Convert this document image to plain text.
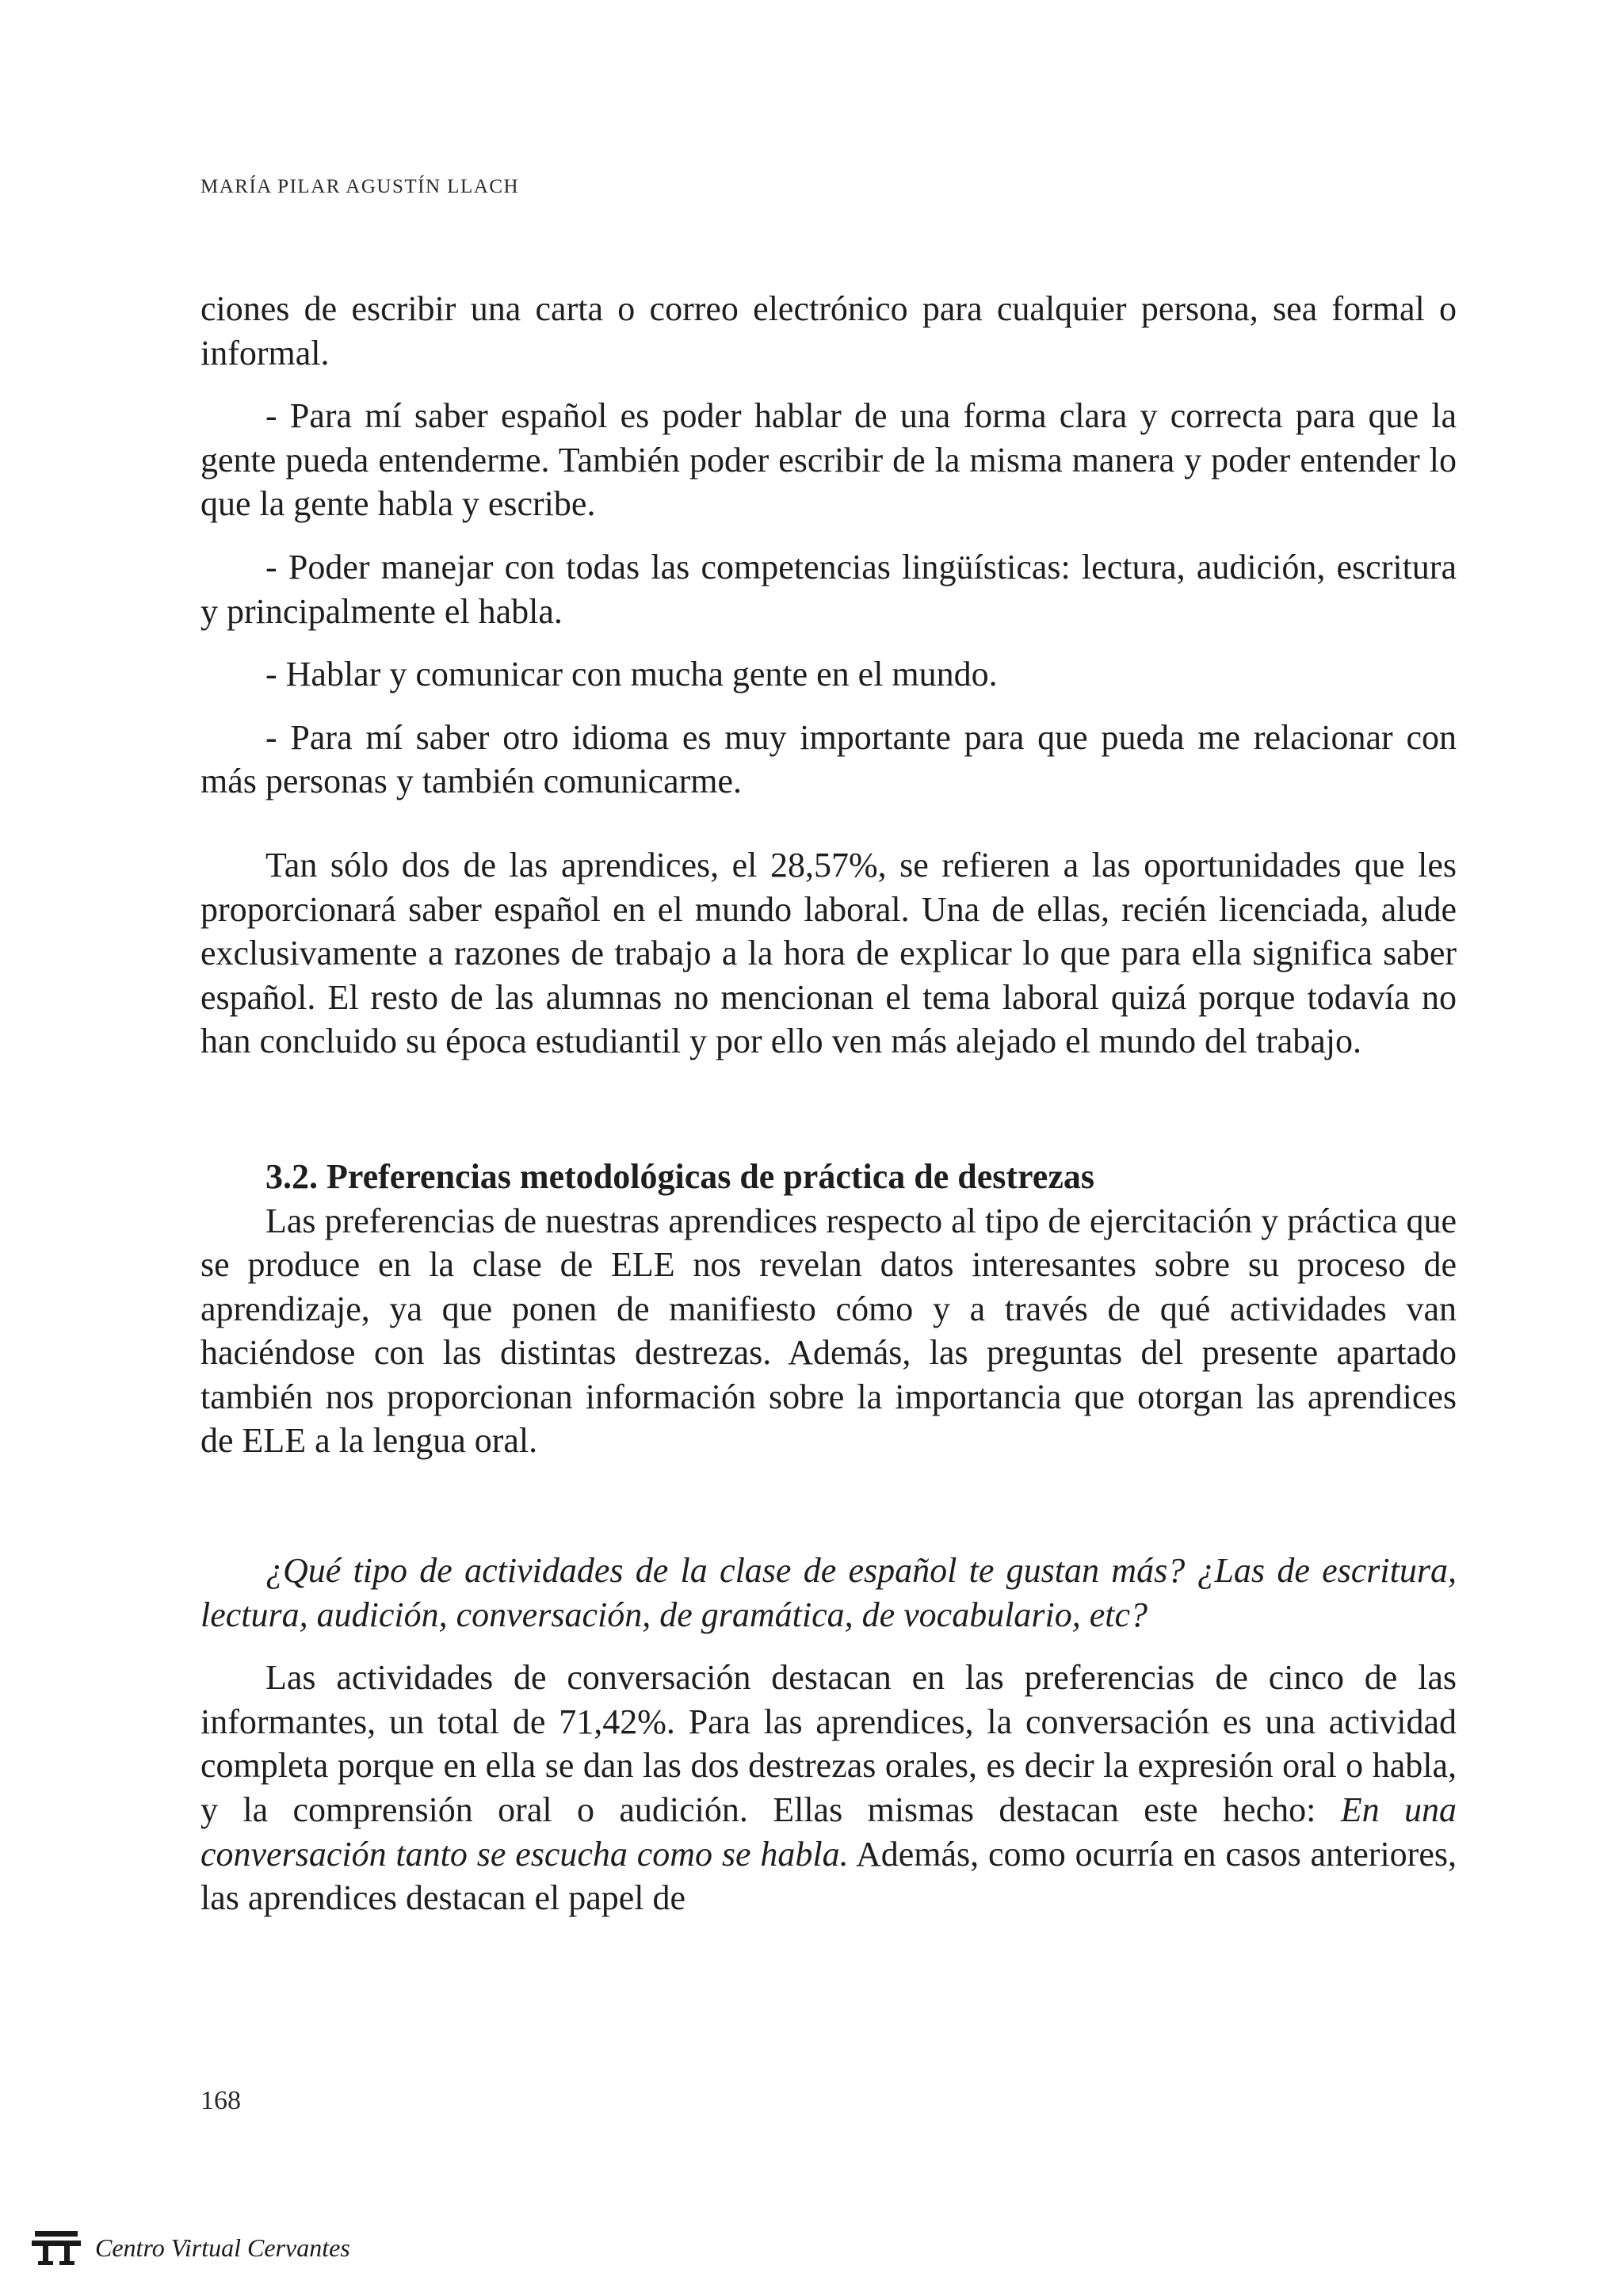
MARÍA PILAR AGUSTÍN LLACH

ciones de escribir una carta o correo electrónico para cualquier persona, sea formal o informal.

- Para mí saber español es poder hablar de una forma clara y correcta para que la gente pueda entenderme. También poder escribir de la misma manera y poder entender lo que la gente habla y escribe.

- Poder manejar con todas las competencias lingüísticas: lectura, audición, escritura y principalmente el habla.

- Hablar y comunicar con mucha gente en el mundo.

- Para mí saber otro idioma es muy importante para que pueda me relacionar con más personas y también comunicarme.

Tan sólo dos de las aprendices, el 28,57%, se refieren a las oportunidades que les proporcionará saber español en el mundo laboral. Una de ellas, recién licenciada, alude exclusivamente a razones de trabajo a la hora de explicar lo que para ella significa saber español. El resto de las alumnas no mencionan el tema laboral quizá porque todavía no han concluido su época estudiantil y por ello ven más alejado el mundo del trabajo.

3.2. Preferencias metodológicas de práctica de destrezas

Las preferencias de nuestras aprendices respecto al tipo de ejercitación y práctica que se produce en la clase de ELE nos revelan datos interesantes sobre su proceso de aprendizaje, ya que ponen de manifiesto cómo y a través de qué actividades van haciéndose con las distintas destrezas. Además, las preguntas del presente apartado también nos proporcionan información sobre la importancia que otorgan las aprendices de ELE a la lengua oral.

¿Qué tipo de actividades de la clase de español te gustan más? ¿Las de escritura, lectura, audición, conversación, de gramática, de vocabulario, etc?

Las actividades de conversación destacan en las preferencias de cinco de las informantes, un total de 71,42%. Para las aprendices, la conversación es una actividad completa porque en ella se dan las dos destrezas orales, es decir la expresión oral o habla, y la comprensión oral o audición. Ellas mismas destacan este hecho: En una conversación tanto se escucha como se habla. Además, como ocurría en casos anteriores, las aprendices destacan el papel de

168
Centro Virtual Cervantes
